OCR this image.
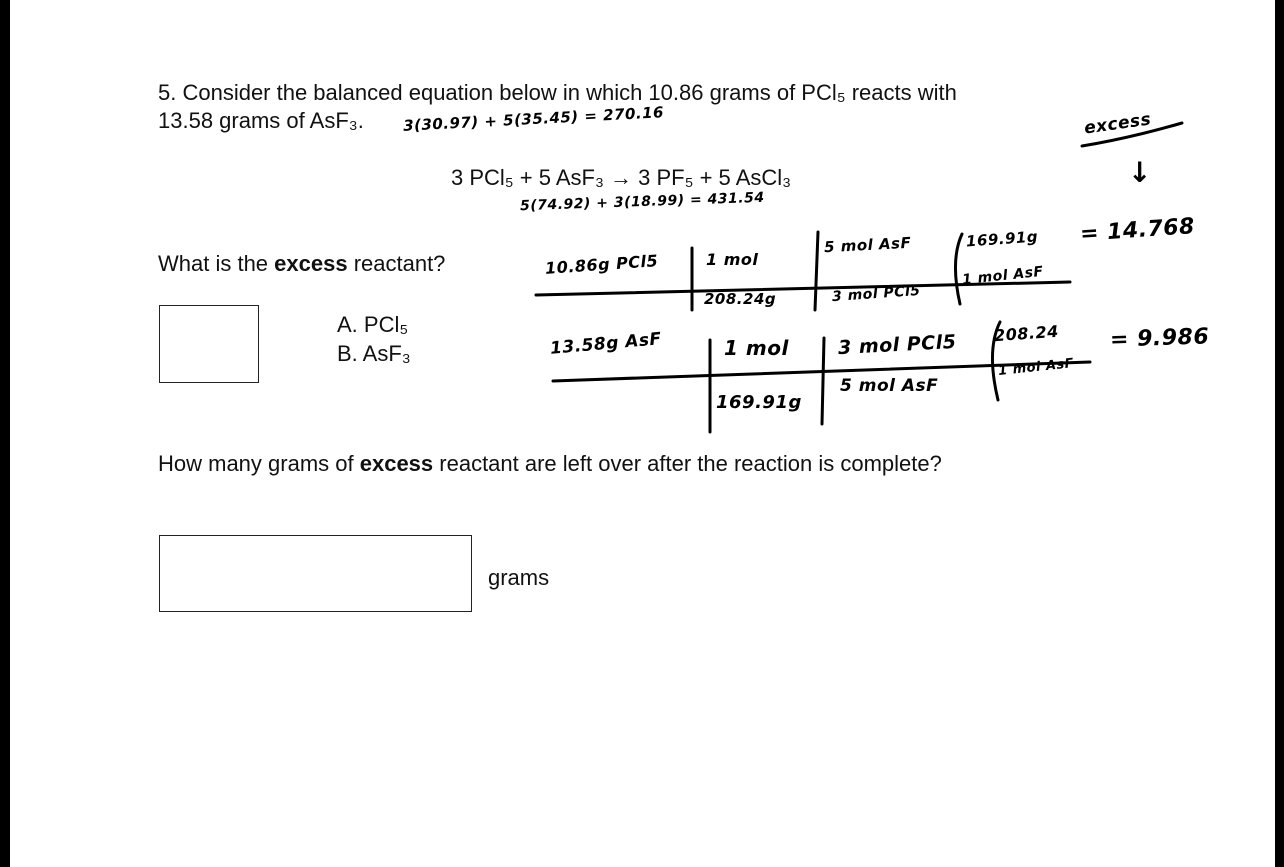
5. Consider the balanced equation below in which 10.86 grams of PCl₅ reacts with
13.58 grams of AsF₃.
3 PCl₅ + 5 AsF₃ → 3 PF₅ + 5 AsCl₃
What is the excess reactant?
A. PCl₅
B. AsF₃
How many grams of excess reactant are left over after the reaction is complete?
grams
3(30.97) + 5(35.45) = 270.16
5(74.92) + 3(18.99) = 431.54
excess
↓
10.86g PCl5	1 mol
208.24g
5 mol AsF
3 mol PCl5
169.91g
1 mol AsF
= 14.768
13.58g AsF	1 mol
169.91g
3 mol PCl5
5 mol AsF
208.24
1 mol AsF
= 9.986
